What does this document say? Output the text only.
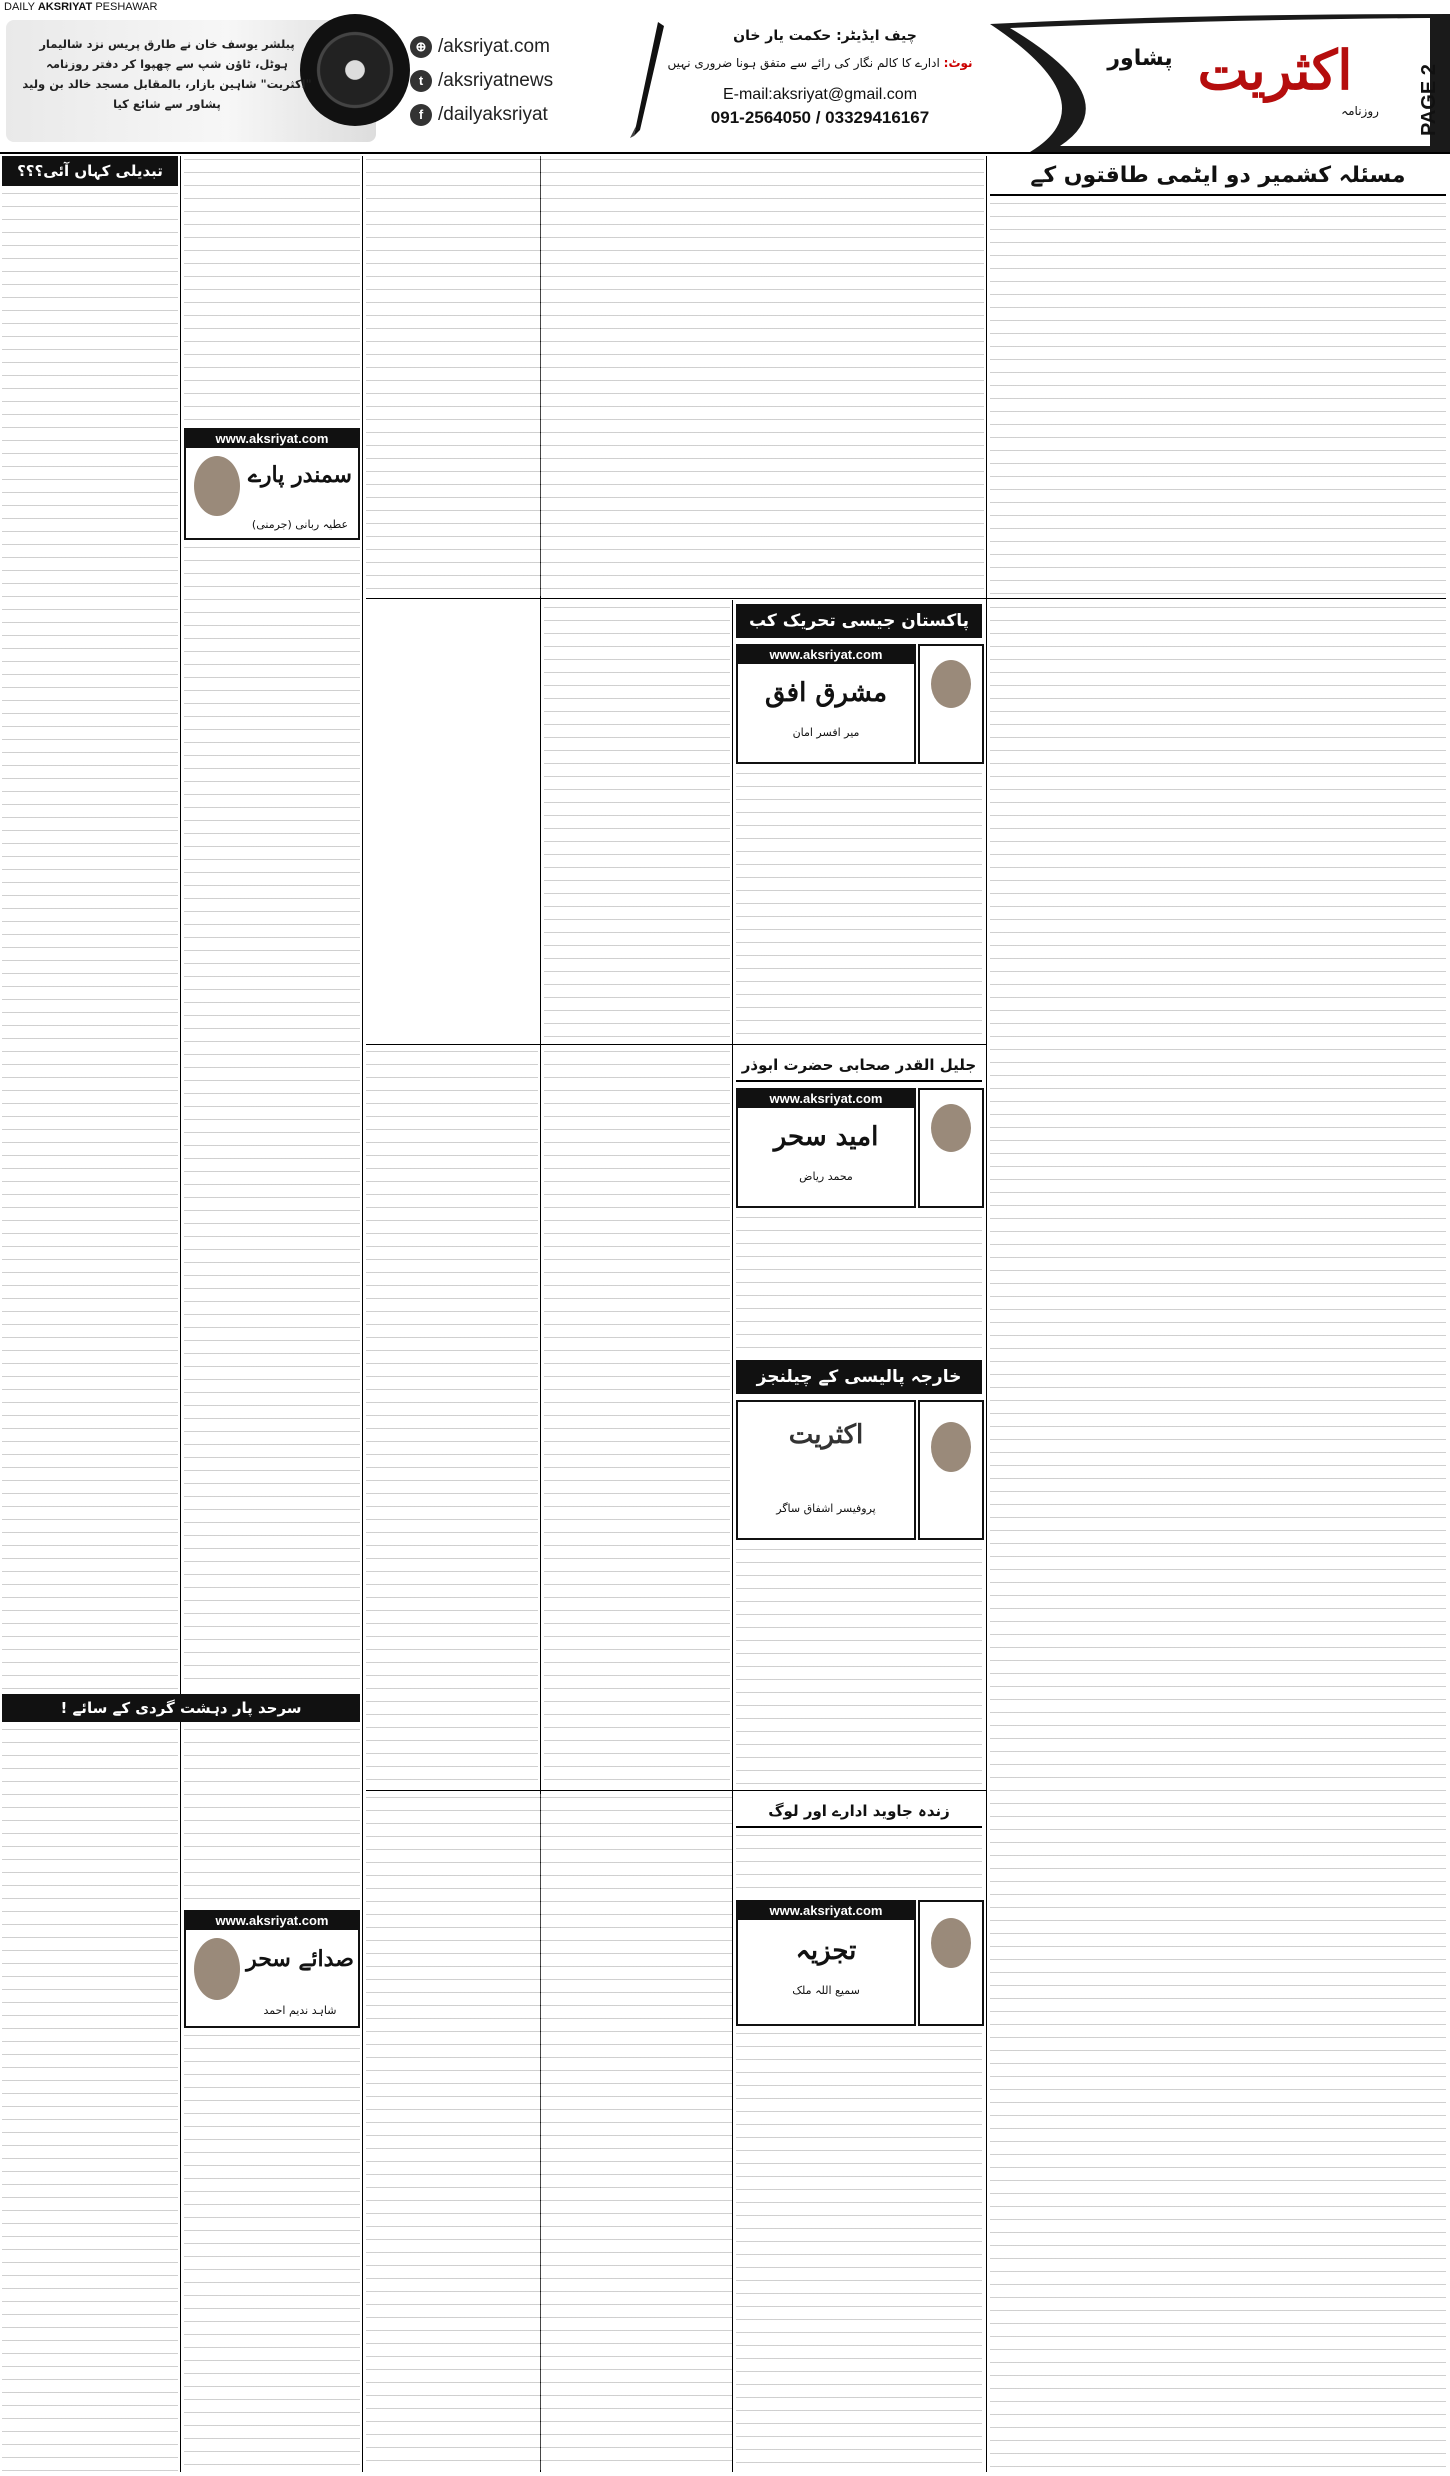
DAILY AKSRIYAT PESHAWAR
پبلشر یوسف خان نے طارق پریس نزد شالیمار ہوٹل، ٹاؤن شپ سے چھپوا کر دفتر روزنامہ "اکثریت" شاہین بازار، بالمقابل مسجد خالد بن ولید پشاور سے شائع کیا
⊕ /aksriyat.com
t /aksriyatnews
f /dailyaksriyat
چیف ایڈیٹر: حکمت یار خان
نوٹ: ادارے کا کالم نگار کی رائے سے متفق ہونا ضروری نہیں
E-mail:aksriyat@gmail.com
091-2564050 / 03329416167
اکثریت
پشاور
روزنامہ	PAGE 2
مسئلہ کشمیر دو ایٹمی طاقتوں کے
پاکستان جیسی تحریک کب
www.aksriyat.com
مشرق افق
میر افسر امان
جلیل القدر صحابی حضرت ابوذر
www.aksriyat.com
امید سحر
محمد ریاض
خارجہ پالیسی کے چیلنجز
اکثریت
پروفیسر اشفاق ساگر
زندہ جاوید ادارے اور لوگ
www.aksriyat.com
تجزیہ
سمیع اللہ ملک
تبدیلی کہاں آئی؟؟؟
www.aksriyat.com
سمندر پارے
عطیہ ربانی (جرمنی)
سرحد پار دہشت گردی کے سائے !
www.aksriyat.com
صدائے سحر
شاہد ندیم احمد
